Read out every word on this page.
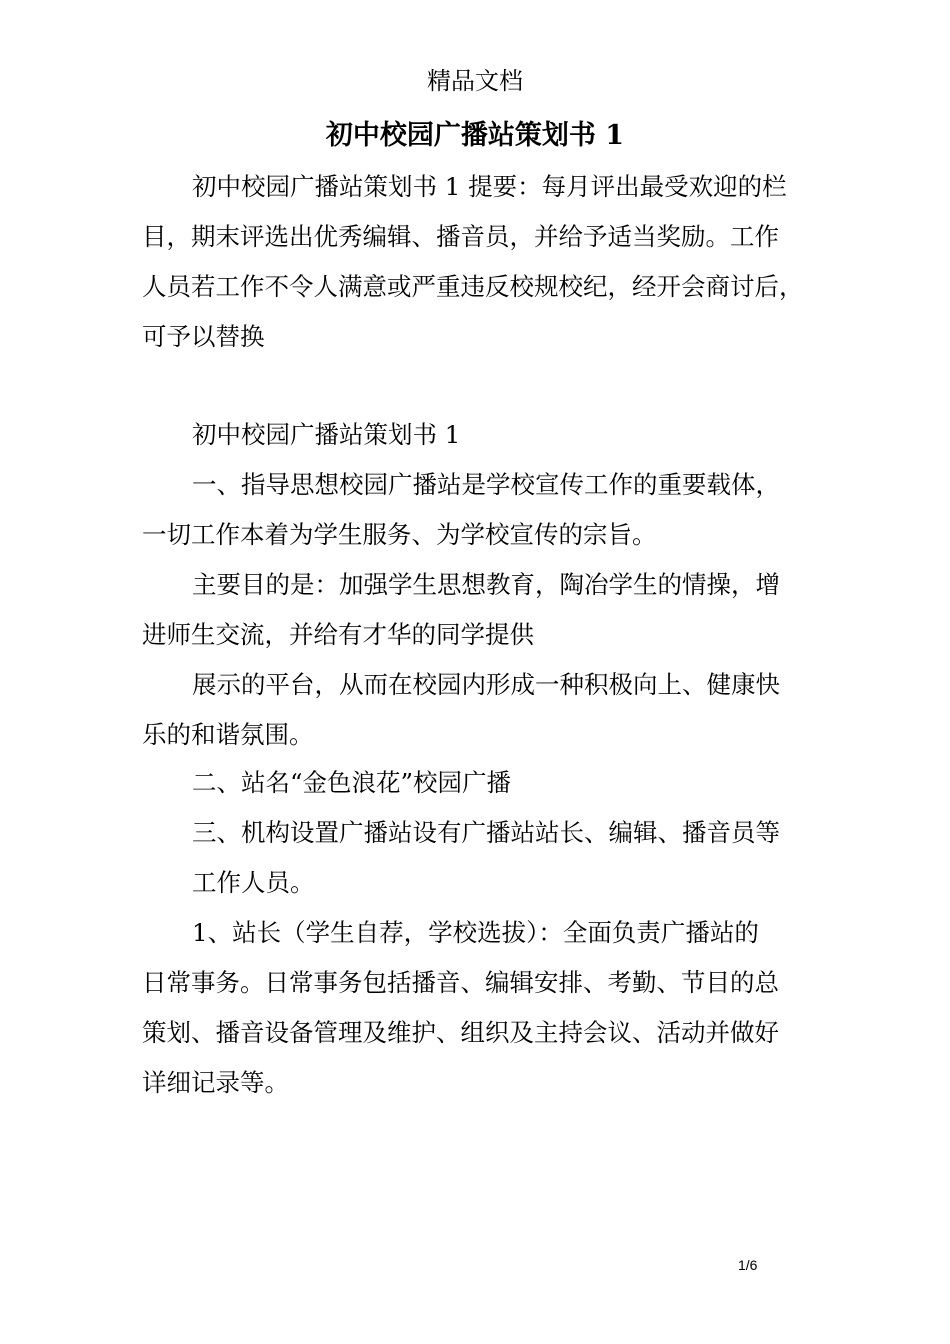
精品文档
初中校园广播站策划书 1
初中校园广播站策划书 1 提要：每月评出最受欢迎的栏
目，期末评选出优秀编辑、播音员，并给予适当奖励。工作
人员若工作不令人满意或严重违反校规校纪，经开会商讨后，
可予以替换
初中校园广播站策划书 1
一、指导思想校园广播站是学校宣传工作的重要载体，
一切工作本着为学生服务、为学校宣传的宗旨。
主要目的是：加强学生思想教育，陶冶学生的情操，增
进师生交流，并给有才华的同学提供
展示的平台，从而在校园内形成一种积极向上、健康快
乐的和谐氛围。
二、站名“金色浪花”校园广播
三、机构设置广播站设有广播站站长、编辑、播音员等
工作人员。
1、站长（学生自荐，学校选拔）：全面负责广播站的
日常事务。日常事务包括播音、编辑安排、考勤、节目的总
策划、播音设备管理及维护、组织及主持会议、活动并做好
详细记录等。
1/6
